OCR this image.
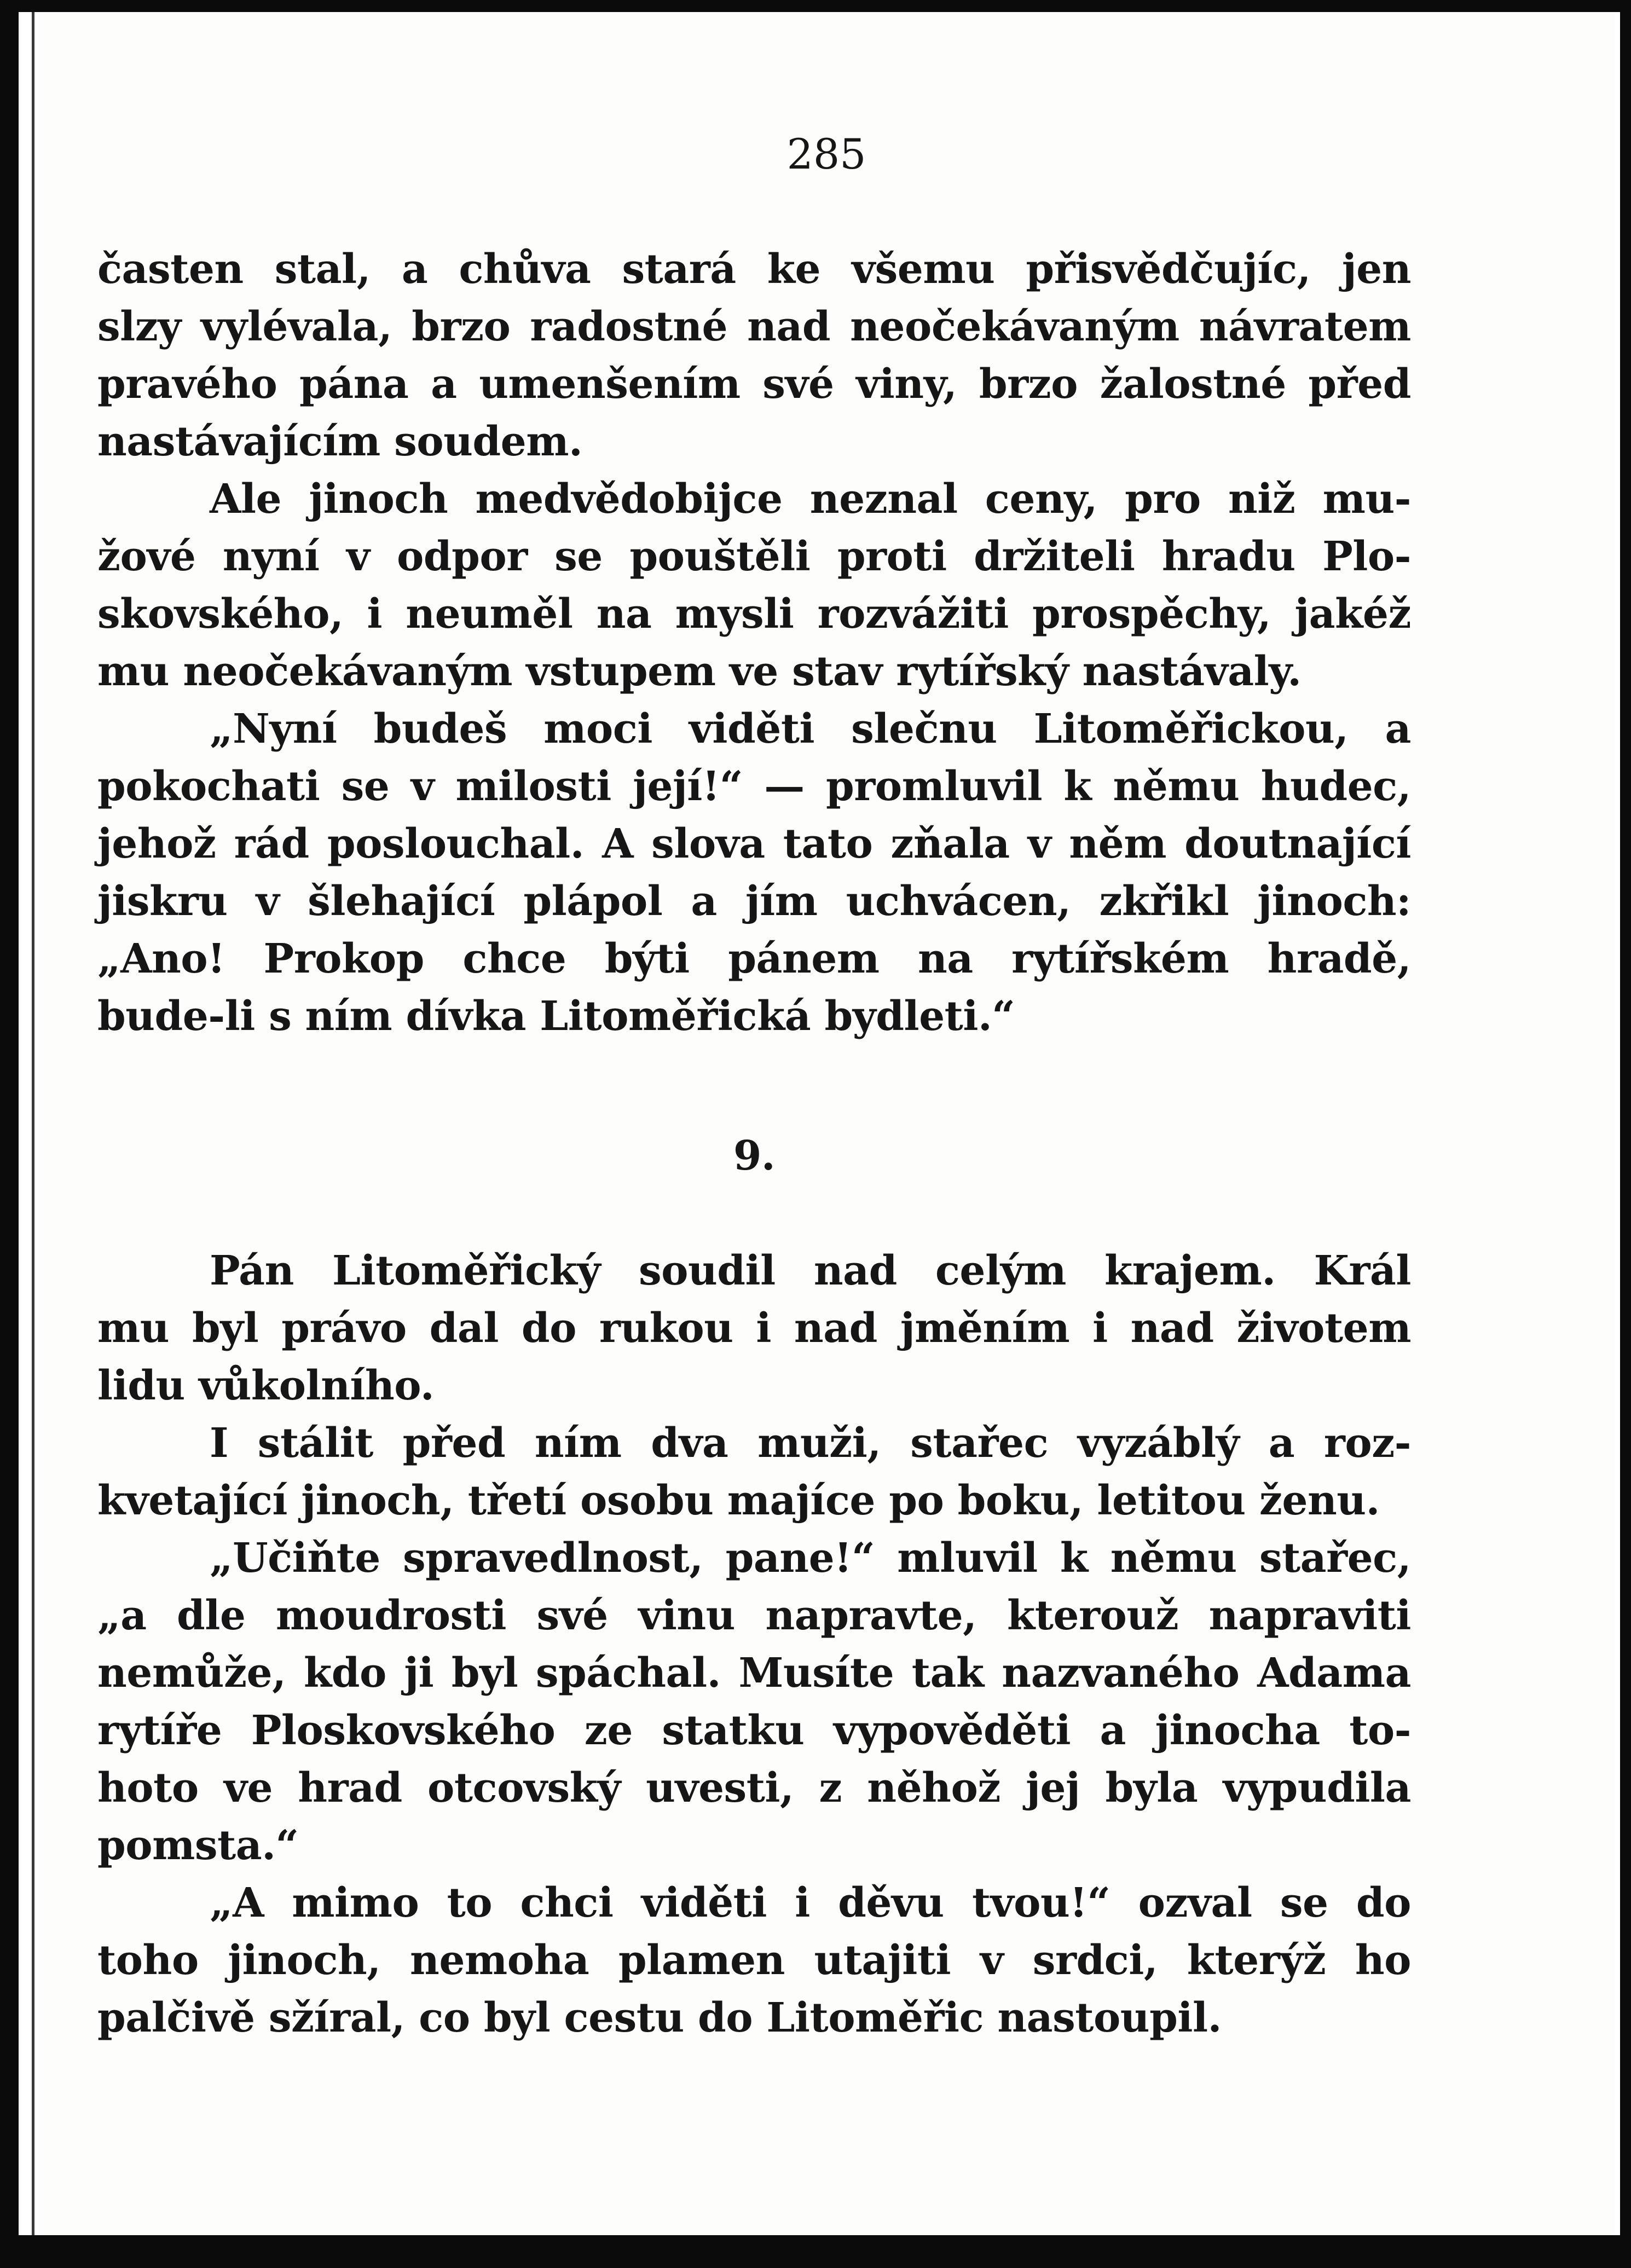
285
časten stal, a chůva stará ke všemu přisvědčujíc, jen
slzy vylévala, brzo radostné nad neočekávaným návratem
pravého pána a umenšením své viny, brzo žalostné před
nastávajícím soudem.
Ale jinoch medvědobijce neznal ceny, pro niž mu-
žové nyní v odpor se pouštěli proti držiteli hradu Plo-
skovského, i neuměl na mysli rozvážiti prospěchy, jakéž
mu neočekávaným vstupem ve stav rytířský nastávaly.
„Nyní budeš moci viděti slečnu Litoměřickou, a
pokochati se v milosti její!“ — promluvil k němu hudec,
jehož rád poslouchal. A slova tato zňala v něm doutnající
jiskru v šlehající plápol a jím uchvácen, zkřikl jinoch:
„Ano! Prokop chce býti pánem na rytířském hradě,
bude-li s ním dívka Litoměřická bydleti.“
9.
Pán Litoměřický soudil nad celým krajem. Král
mu byl právo dal do rukou i nad jměním i nad životem
lidu vůkolního.
I stálit před ním dva muži, stařec vyzáblý a roz-
kvetající jinoch, třetí osobu majíce po boku, letitou ženu.
„Učiňte spravedlnost, pane!“ mluvil k němu stařec,
„a dle moudrosti své vinu napravte, kterouž napraviti
nemůže, kdo ji byl spáchal. Musíte tak nazvaného Adama
rytíře Ploskovského ze statku vypověděti a jinocha to-
hoto ve hrad otcovský uvesti, z něhož jej byla vypudila
pomsta.“
„A mimo to chci viděti i děvu tvou!“ ozval se do
toho jinoch, nemoha plamen utajiti v srdci, kterýž ho
palčivě sžíral, co byl cestu do Litoměřic nastoupil.
